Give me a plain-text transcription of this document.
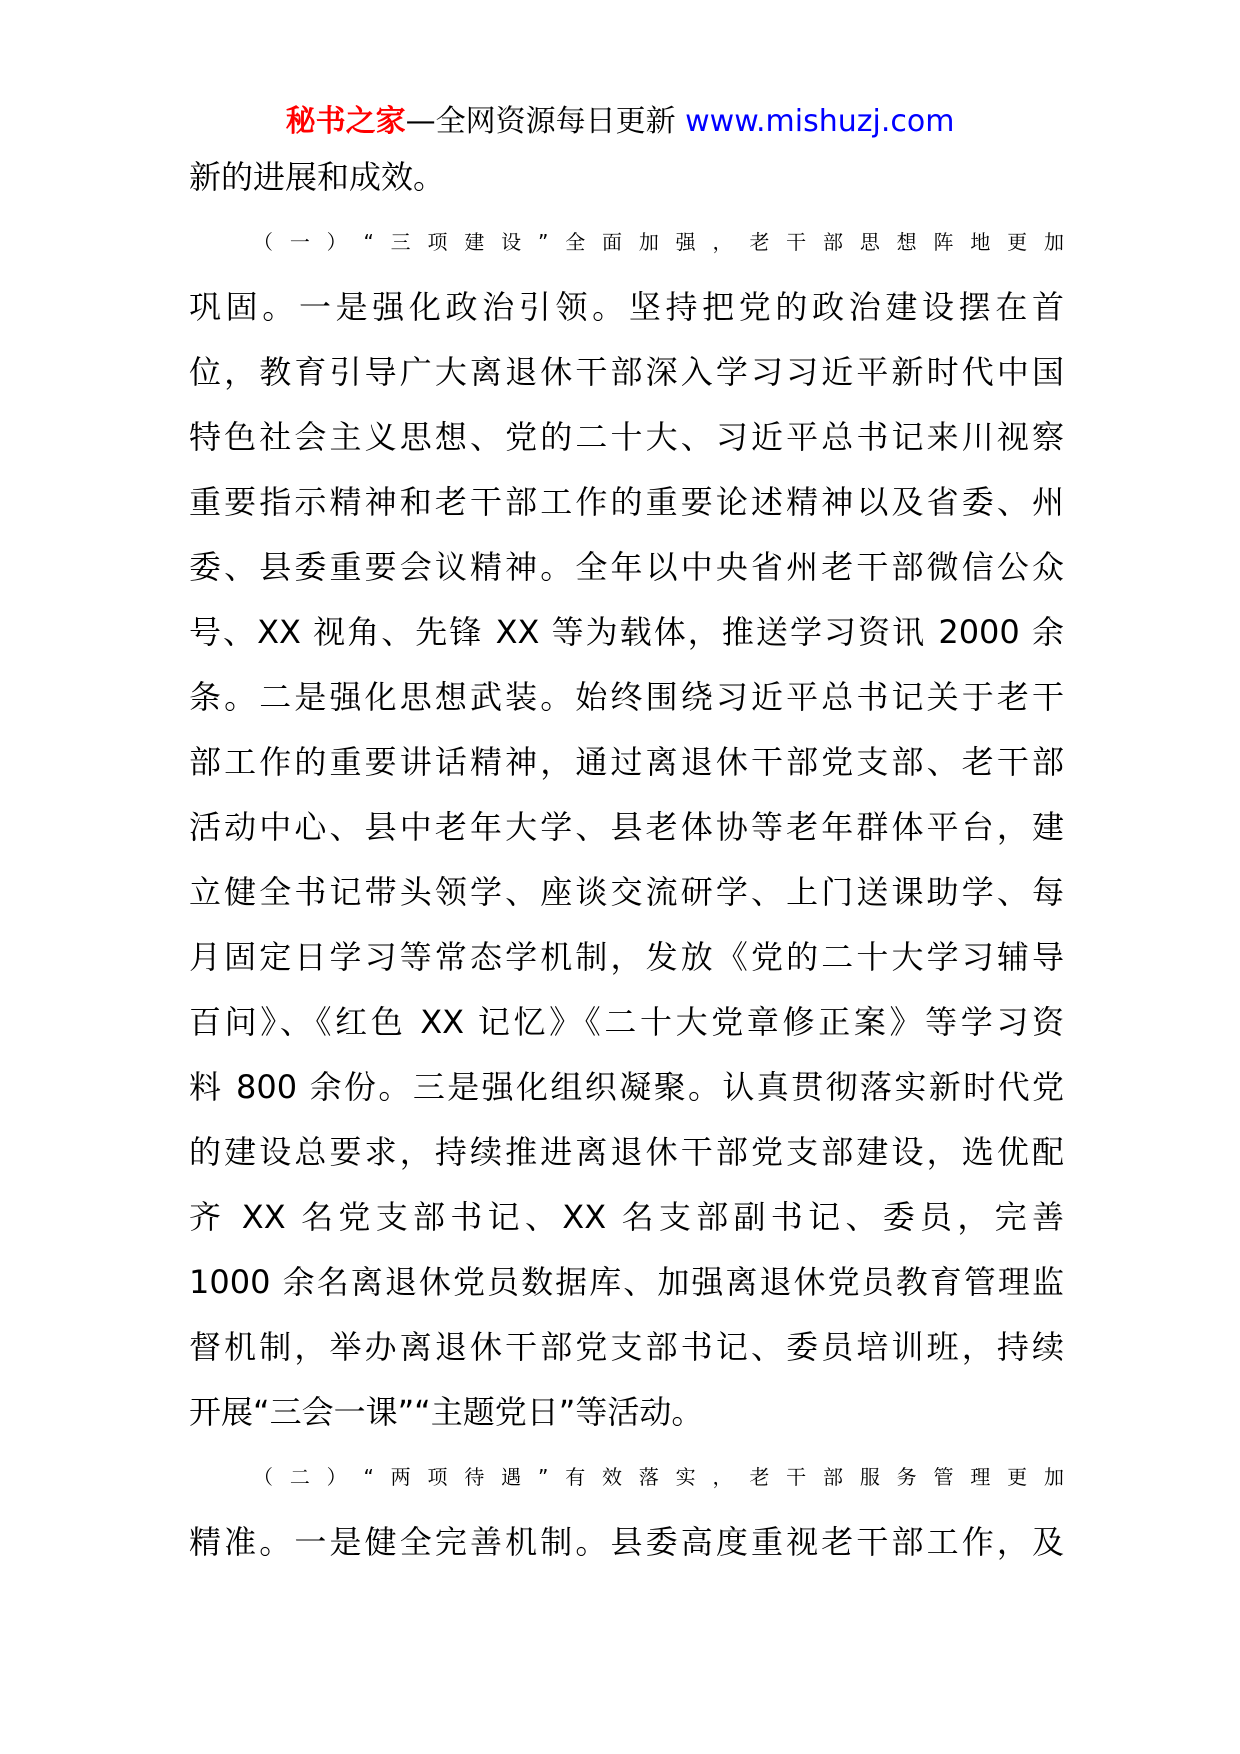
秘书之家—全网资源每日更新 www.mishuzj.com
新的进展和成效。
（一）“三项建设”全面加强，老干部思想阵地更加
巩固。一是强化政治引领。坚持把党的政治建设摆在首
位，教育引导广大离退休干部深入学习习近平新时代中国
特色社会主义思想、党的二十大、习近平总书记来川视察
重要指示精神和老干部工作的重要论述精神以及省委、州
委、县委重要会议精神。全年以中央省州老干部微信公众
号、XX 视角、先锋 XX 等为载体，推送学习资讯 2000 余
条。二是强化思想武装。始终围绕习近平总书记关于老干
部工作的重要讲话精神，通过离退休干部党支部、老干部
活动中心、县中老年大学、县老体协等老年群体平台，建
立健全书记带头领学、座谈交流研学、上门送课助学、每
月固定日学习等常态学机制，发放《党的二十大学习辅导
百问》、《红色 XX 记忆》《二十大党章修正案》等学习资
料 800 余份。三是强化组织凝聚。认真贯彻落实新时代党
的建设总要求，持续推进离退休干部党支部建设，选优配
齐 XX 名党支部书记、XX 名支部副书记、委员，完善
1000 余名离退休党员数据库、加强离退休党员教育管理监
督机制，举办离退休干部党支部书记、委员培训班，持续
开展“三会一课”“主题党日”等活动。
（二）“两项待遇”有效落实，老干部服务管理更加
精准。一是健全完善机制。县委高度重视老干部工作，及
